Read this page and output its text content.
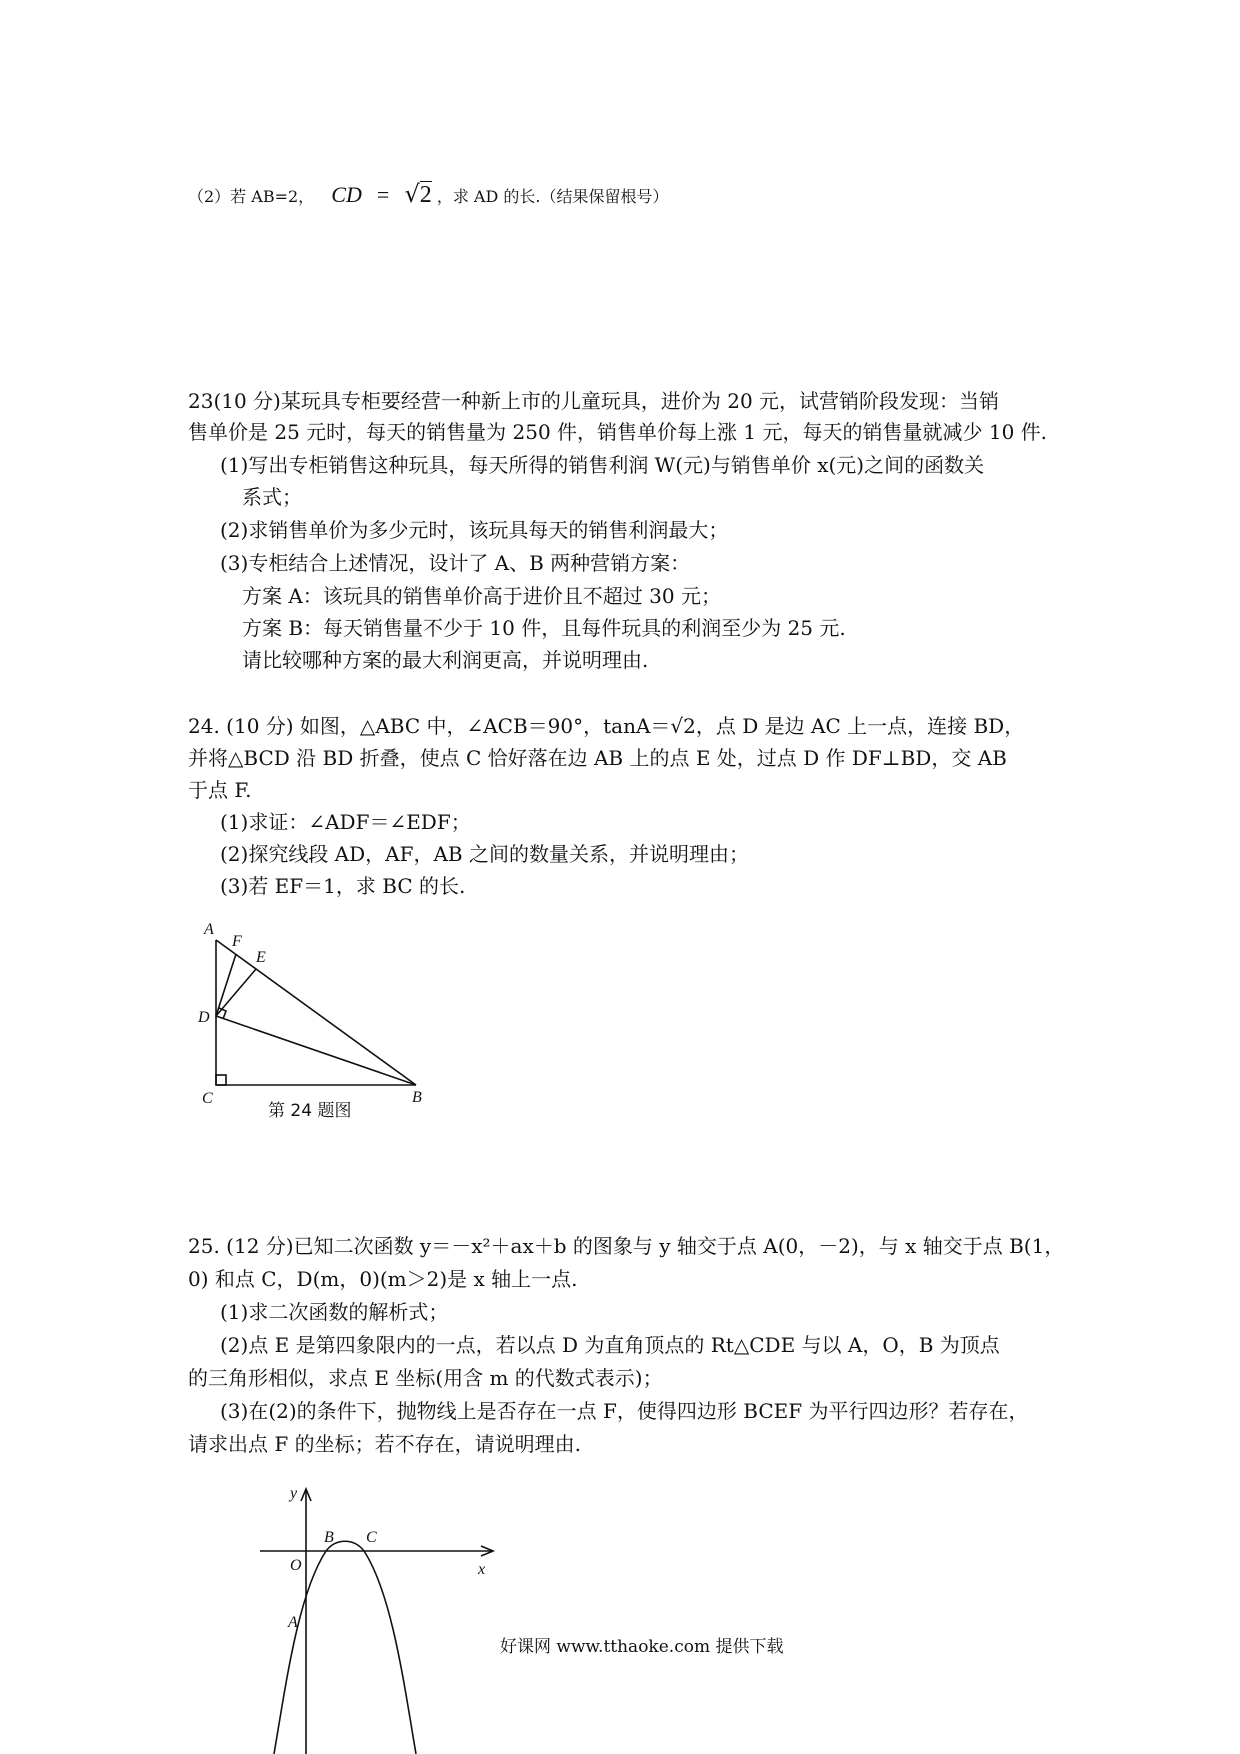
（2）若 AB=2， CD = √2 ，求 AD 的长.（结果保留根号）
23(10 分)某玩具专柜要经营一种新上市的儿童玩具，进价为 20 元，试营销阶段发现：当销
售单价是 25 元时，每天的销售量为 250 件，销售单价每上涨 1 元，每天的销售量就减少 10 件.
(1)写出专柜销售这种玩具，每天所得的销售利润 W(元)与销售单价 x(元)之间的函数关
系式；
(2)求销售单价为多少元时，该玩具每天的销售利润最大；
(3)专柜结合上述情况，设计了 A、B 两种营销方案：
方案 A：该玩具的销售单价高于进价且不超过 30 元；
方案 B：每天销售量不少于 10 件，且每件玩具的利润至少为 25 元.
请比较哪种方案的最大利润更高，并说明理由.
24. (10 分) 如图，△ABC 中，∠ACB＝90°，tanA＝√2，点 D 是边 AC 上一点，连接 BD，
并将△BCD 沿 BD 折叠，使点 C 恰好落在边 AB 上的点 E 处，过点 D 作 DF⊥BD，交 AB
于点 F.
(1)求证：∠ADF＝∠EDF；
(2)探究线段 AD，AF，AB 之间的数量关系，并说明理由；
(3)若 EF＝1，求 BC 的长.
A
F
E
D
C	B
第 24 题图
25. (12 分)已知二次函数 y＝－x²＋ax＋b 的图象与 y 轴交于点 A(0，－2)，与 x 轴交于点 B(1，
0) 和点 C，D(m，0)(m＞2)是 x 轴上一点.
(1)求二次函数的解析式；
(2)点 E 是第四象限内的一点，若以点 D 为直角顶点的 Rt△CDE 与以 A，O，B 为顶点
的三角形相似，求点 E 坐标(用含 m 的代数式表示)；
(3)在(2)的条件下，抛物线上是否存在一点 F，使得四边形 BCEF 为平行四边形？若存在，
请求出点 F 的坐标；若不存在，请说明理由.
y
x
O
B C
A
好课网 www.tthaoke.com 提供下载
